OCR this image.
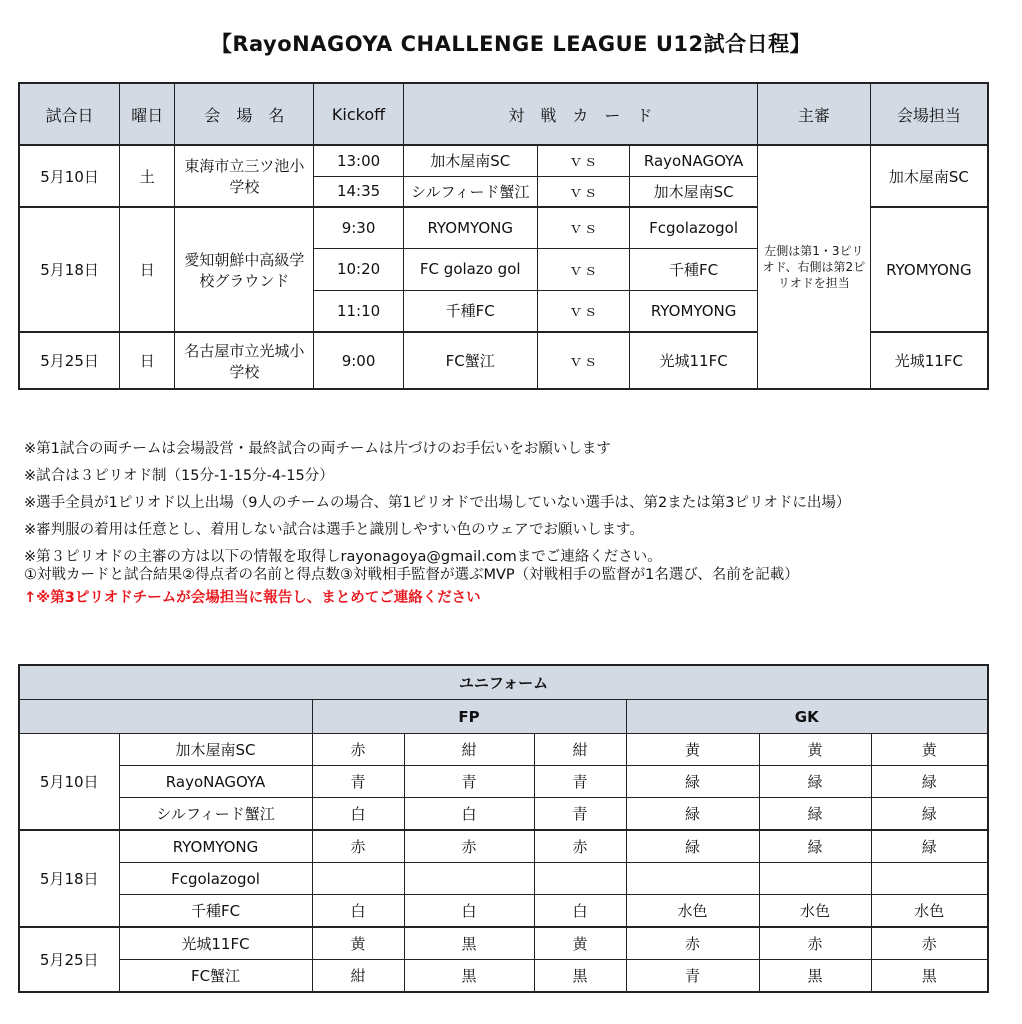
【RayoNAGOYA CHALLENGE LEAGUE U12試合日程】
試合日	曜日	会　場　名	Kickoff	対　戦　カ　ー　ド			主審	会場担当
5月10日	土	東海市立三ツ池小学校	13:00	加木屋南SC	ｖｓ	RayoNAGOYA	左側は第1・3ピリオド、右側は第2ピリオドを担当	加木屋南SC
			14:35	シルフィード蟹江	ｖｓ	加木屋南SC		
5月18日	日	愛知朝鮮中高級学校グラウンド	9:30	RYOMYONG	ｖｓ	Fcgolazogol		RYOMYONG
			10:20	FC golazo gol	ｖｓ	千種FC		
			11:10	千種FC	ｖｓ	RYOMYONG		
5月25日	日	名古屋市立光城小学校	9:00	FC蟹江	ｖｓ	光城11FC		光城11FC

※第1試合の両チームは会場設営・最終試合の両チームは片づけのお手伝いをお願いします

※試合は３ピリオド制（15分-1-15分-4-15分）

※選手全員が1ピリオド以上出場（9人のチームの場合、第1ピリオドで出場していない選手は、第2または第3ピリオドに出場）

※審判服の着用は任意とし、着用しない試合は選手と識別しやすい色のウェアでお願いします。

※第３ピリオドの主審の方は以下の情報を取得しrayonagoya@gmail.comまでご連絡ください。

①対戦カードと試合結果②得点者の名前と得点数③対戦相手監督が選ぶMVP（対戦相手の監督が1名選び、名前を記載）

↑※第3ピリオドチームが会場担当に報告し、まとめてご連絡ください

ユニフォーム							
		FP			GK		
5月10日	加木屋南SC	赤	紺	紺	黄	黄	黄
	RayoNAGOYA	青	青	青	緑	緑	緑
	シルフィード蟹江	白	白	青	緑	緑	緑
5月18日	RYOMYONG	赤	赤	赤	緑	緑	緑
	Fcgolazogol						
	千種FC	白	白	白	水色	水色	水色
5月25日	光城11FC	黄	黒	黄	赤	赤	赤
	FC蟹江	紺	黒	黒	青	黒	黒
